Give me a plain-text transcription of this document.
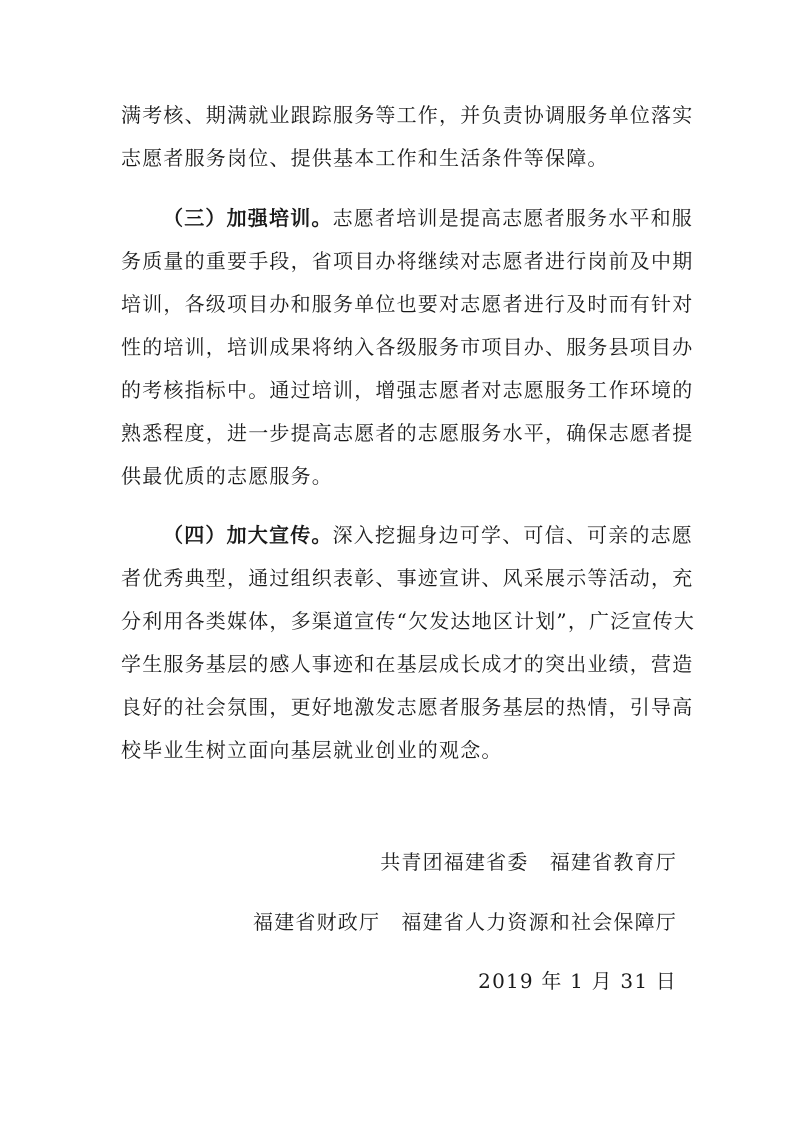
满考核、期满就业跟踪服务等工作，并负责协调服务单位落实
志愿者服务岗位、提供基本工作和生活条件等保障。
（三）加强培训。志愿者培训是提高志愿者服务水平和服
务质量的重要手段，省项目办将继续对志愿者进行岗前及中期
培训，各级项目办和服务单位也要对志愿者进行及时而有针对
性的培训，培训成果将纳入各级服务市项目办、服务县项目办
的考核指标中。通过培训，增强志愿者对志愿服务工作环境的
熟悉程度，进一步提高志愿者的志愿服务水平，确保志愿者提
供最优质的志愿服务。
（四）加大宣传。深入挖掘身边可学、可信、可亲的志愿
者优秀典型，通过组织表彰、事迹宣讲、风采展示等活动，充
分利用各类媒体，多渠道宣传“欠发达地区计划”，广泛宣传大
学生服务基层的感人事迹和在基层成长成才的突出业绩，营造
良好的社会氛围，更好地激发志愿者服务基层的热情，引导高
校毕业生树立面向基层就业创业的观念。
共青团福建省委　福建省教育厅
福建省财政厅　福建省人力资源和社会保障厅
2019 年 1 月 31 日
